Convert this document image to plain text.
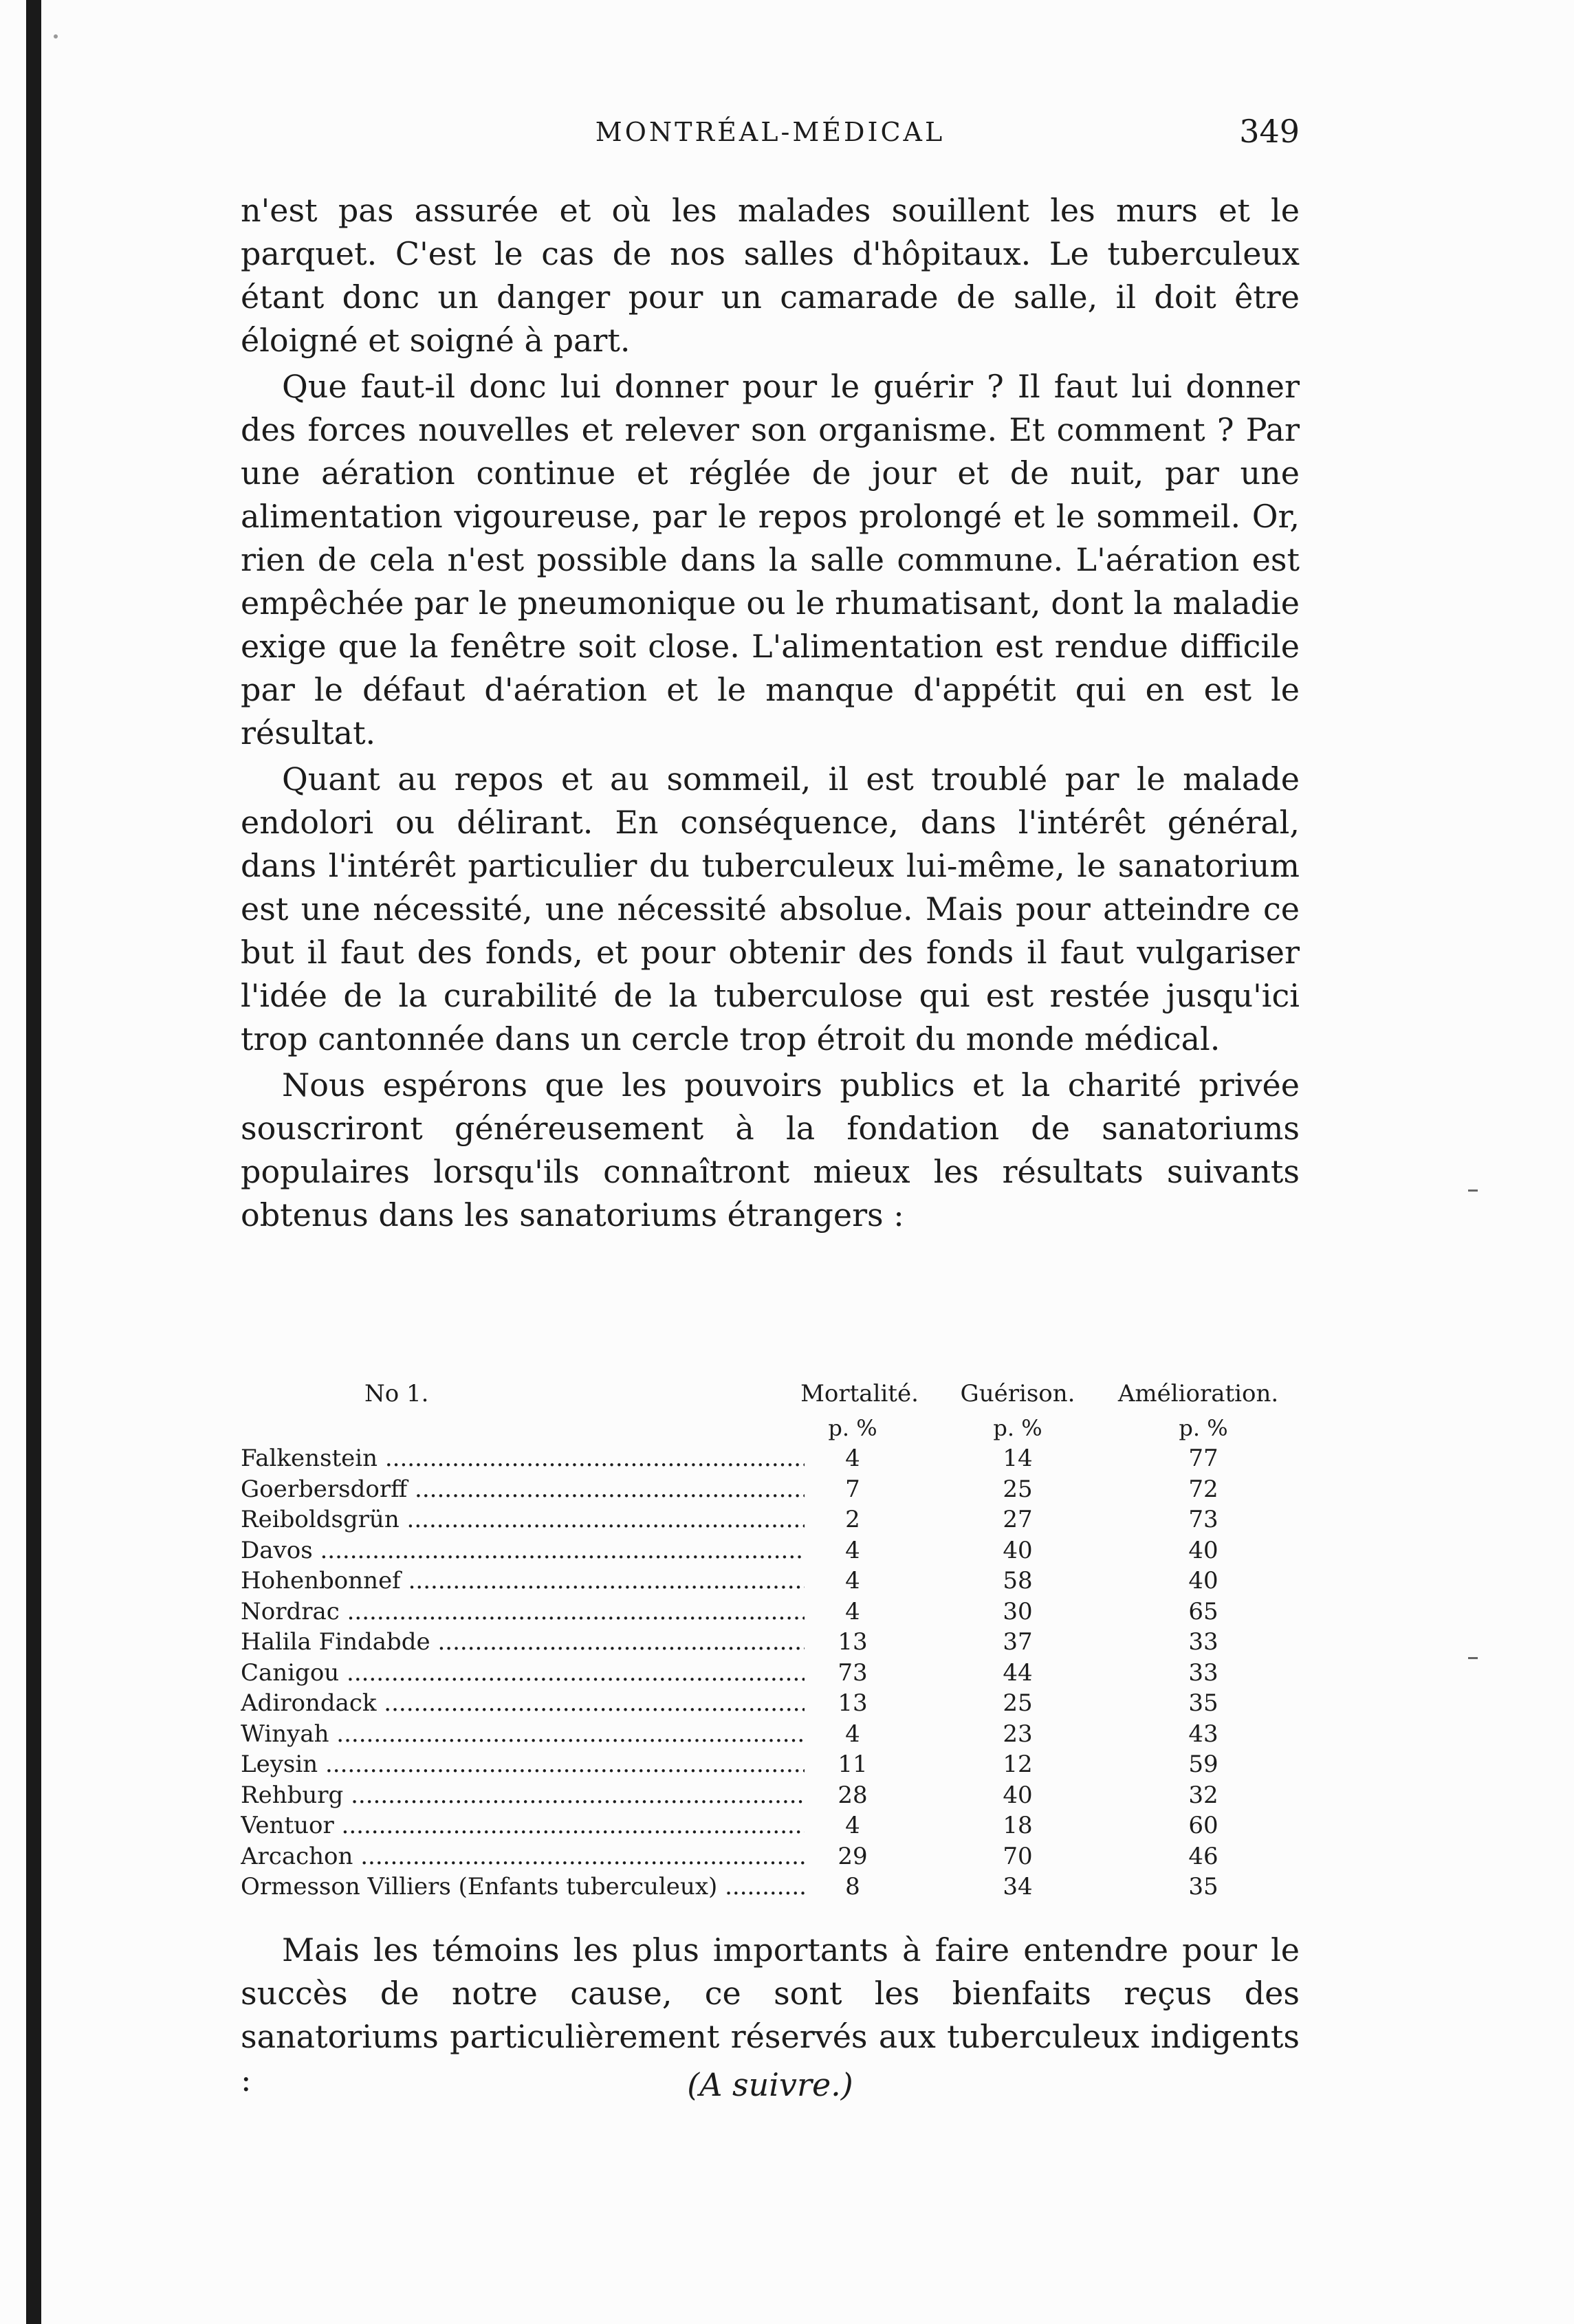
MONTRÉAL-MÉDICAL	349

n'est pas assurée et où les malades souillent les murs et le parquet. C'est le cas de nos salles d'hôpitaux. Le tuberculeux étant donc un danger pour un camarade de salle, il doit être éloigné et soigné à part.

Que faut-il donc lui donner pour le guérir ? Il faut lui donner des forces nouvelles et relever son organisme. Et comment ? Par une aération continue et réglée de jour et de nuit, par une alimentation vigoureuse, par le repos prolongé et le sommeil. Or, rien de cela n'est possible dans la salle commune. L'aération est empêchée par le pneumonique ou le rhumatisant, dont la maladie exige que la fenêtre soit close. L'alimentation est rendue difficile par le défaut d'aération et le manque d'appétit qui en est le résultat.

Quant au repos et au sommeil, il est troublé par le malade endolori ou délirant. En conséquence, dans l'intérêt général, dans l'intérêt particulier du tuberculeux lui-même, le sanatorium est une nécessité, une nécessité absolue. Mais pour atteindre ce but il faut des fonds, et pour obtenir des fonds il faut vulgariser l'idée de la curabilité de la tuberculose qui est restée jusqu'ici trop cantonnée dans un cercle trop étroit du monde médical.

Nous espérons que les pouvoirs publics et la charité privée souscriront généreusement à la fondation de sanatoriums populaires lorsqu'ils connaîtront mieux les résultats suivants obtenus dans les sanatoriums étrangers :

No 1.	Mortalité.	Guérison.	Amélioration.
p. %	p. %	p. %
Falkenstein .....	4	14	77
Goerbersdorff .....	7	25	72
Reiboldsgrün .....	2	27	73
Davos .....	4	40	40
Hohenbonnef .....	4	58	40
Nordrac .....	4	30	65
Halila Findabde .....	13	37	33
Canigou .....	73	44	33
Adirondack .....	13	25	35
Winyah .....	4	23	43
Leysin .....	11	12	59
Rehburg .....	28	40	32
Ventuor .....	4	18	60
Arcachon .....	29	70	46
Ormesson Villiers (Enfants tuberculeux) .....	8	34	35

Mais les témoins les plus importants à faire entendre pour le succès de notre cause, ce sont les bienfaits reçus des sanatoriums particulièrement réservés aux tuberculeux indigents :	(A suivre.)
